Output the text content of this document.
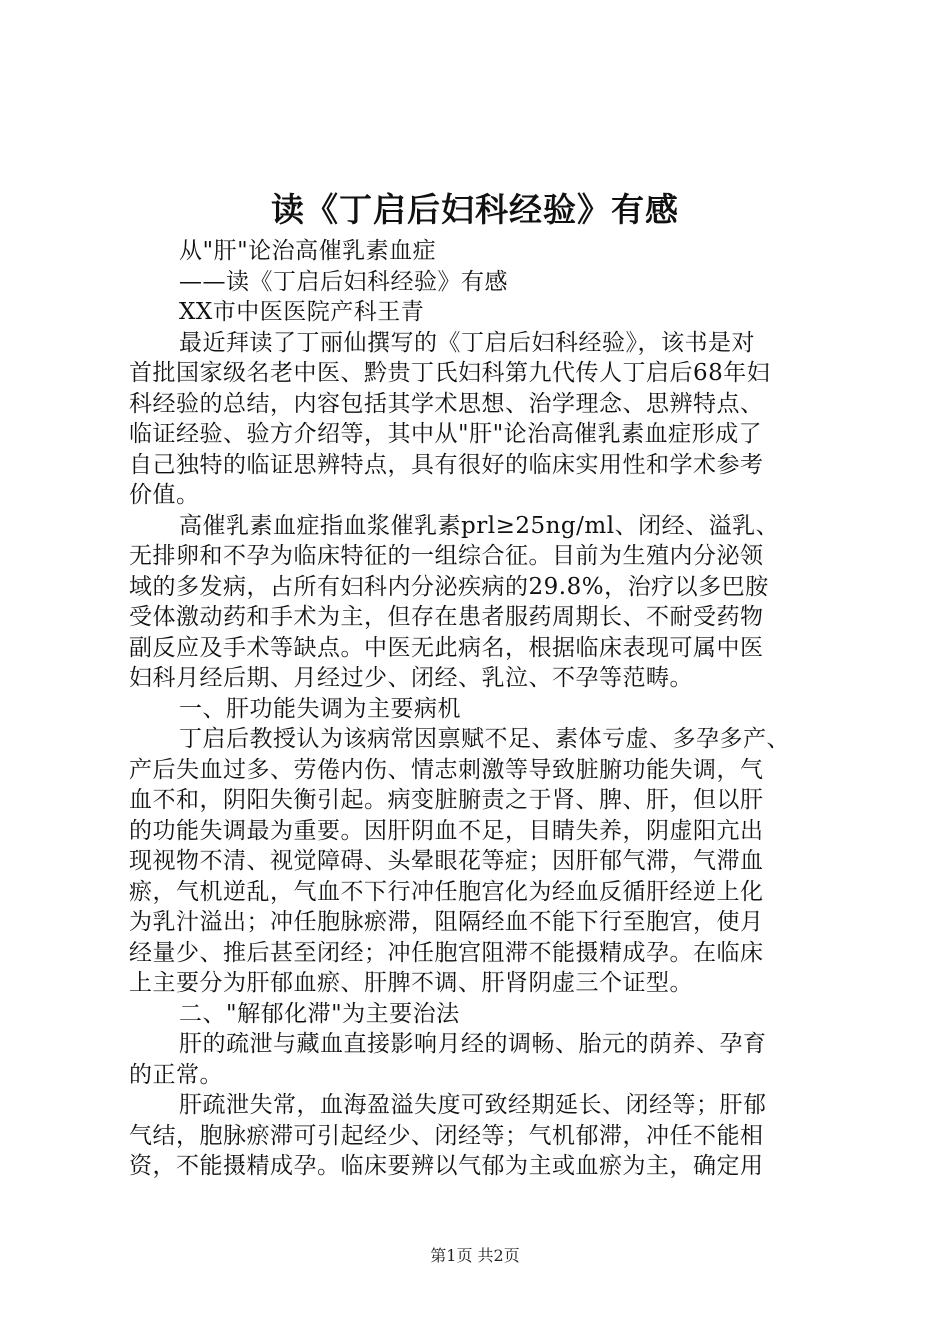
读《丁启后妇科经验》有感

从"肝"论治高催乳素血症

——读《丁启后妇科经验》有感

XX市中医医院产科王青

最近拜读了丁丽仙撰写的《丁启后妇科经验》，该书是对

首批国家级名老中医、黔贵丁氏妇科第九代传人丁启后68年妇

科经验的总结，内容包括其学术思想、治学理念、思辨特点、

临证经验、验方介绍等，其中从"肝"论治高催乳素血症形成了

自己独特的临证思辨特点，具有很好的临床实用性和学术参考

价值。

高催乳素血症指血浆催乳素prl≥25ng/ml、闭经、溢乳、

无排卵和不孕为临床特征的一组综合征。目前为生殖内分泌领

域的多发病，占所有妇科内分泌疾病的29.8%，治疗以多巴胺

受体激动药和手术为主，但存在患者服药周期长、不耐受药物

副反应及手术等缺点。中医无此病名，根据临床表现可属中医

妇科月经后期、月经过少、闭经、乳泣、不孕等范畴。

一、肝功能失调为主要病机

丁启后教授认为该病常因禀赋不足、素体亏虚、多孕多产、

产后失血过多、劳倦内伤、情志刺激等导致脏腑功能失调，气

血不和，阴阳失衡引起。病变脏腑责之于肾、脾、肝，但以肝

的功能失调最为重要。因肝阴血不足，目睛失养，阴虚阳亢出

现视物不清、视觉障碍、头晕眼花等症；因肝郁气滞，气滞血

瘀，气机逆乱，气血不下行冲任胞宫化为经血反循肝经逆上化

为乳汁溢出；冲任胞脉瘀滞，阻隔经血不能下行至胞宫，使月

经量少、推后甚至闭经；冲任胞宫阻滞不能摄精成孕。在临床

上主要分为肝郁血瘀、肝脾不调、肝肾阴虚三个证型。

二、"解郁化滞"为主要治法

肝的疏泄与藏血直接影响月经的调畅、胎元的荫养、孕育

的正常。

肝疏泄失常，血海盈溢失度可致经期延长、闭经等；肝郁

气结，胞脉瘀滞可引起经少、闭经等；气机郁滞，冲任不能相

资，不能摄精成孕。临床要辨以气郁为主或血瘀为主，确定用

第1页 共2页
